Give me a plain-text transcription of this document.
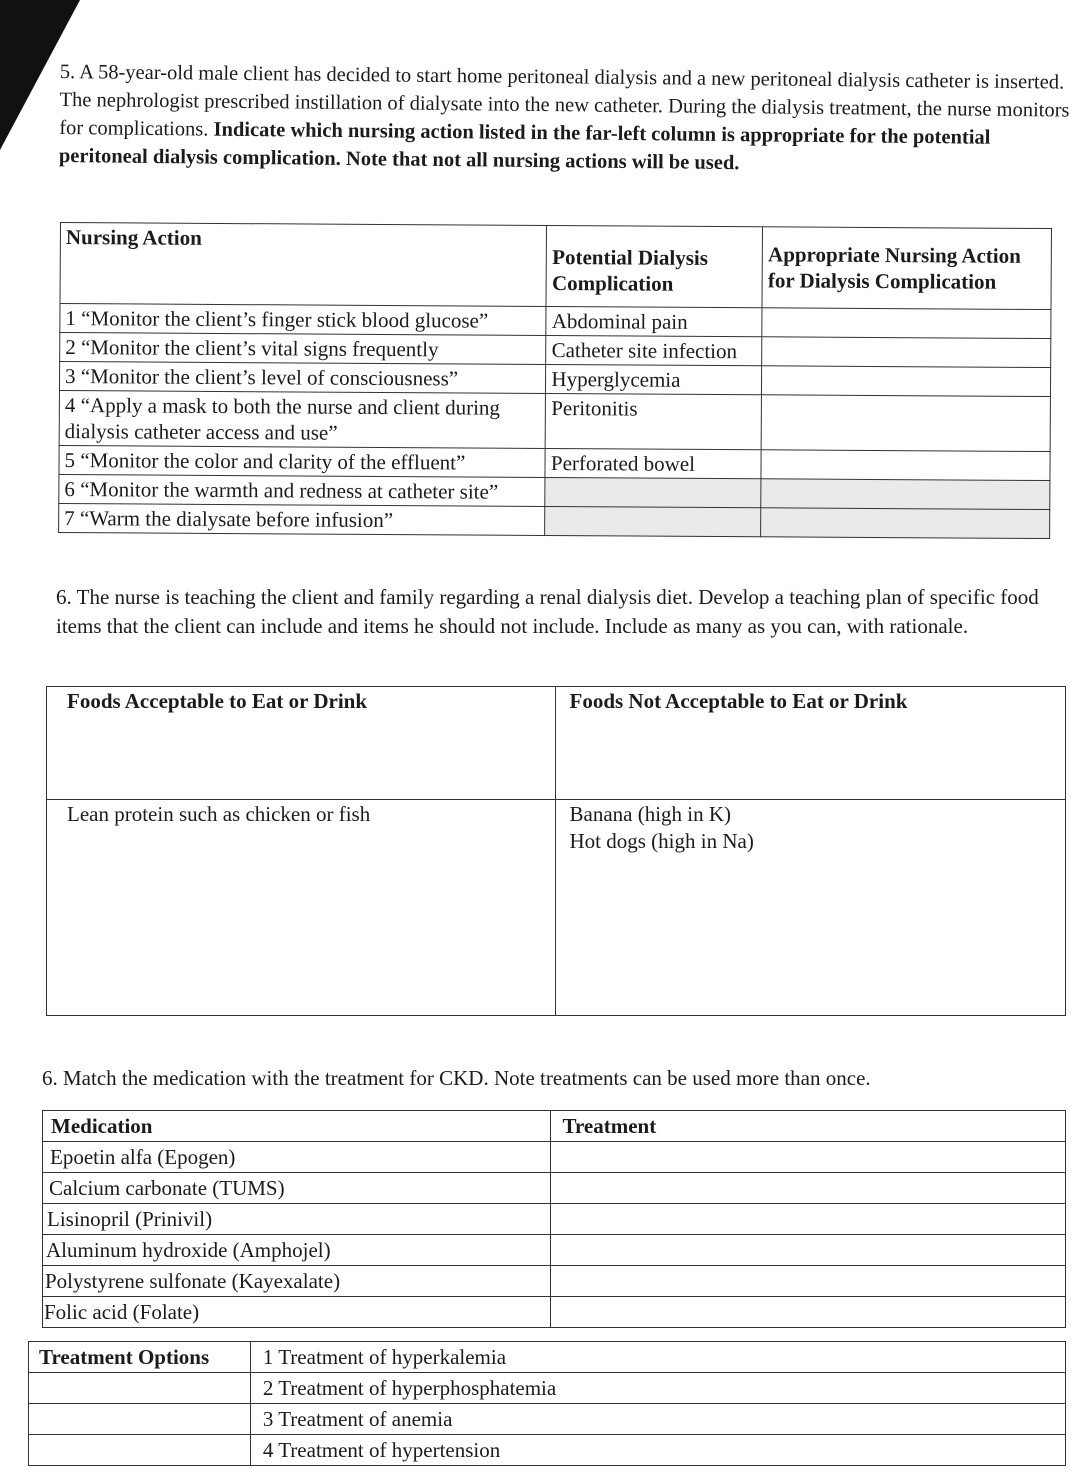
5. A 58-year-old male client has decided to start home peritoneal dialysis and a new peritoneal dialysis catheter is inserted. The nephrologist prescribed instillation of dialysate into the new catheter. During the dialysis treatment, the nurse monitors for complications. Indicate which nursing action listed in the far-left column is appropriate for the potential peritoneal dialysis complication. Note that not all nursing actions will be used.
Nursing Action	Potential Dialysis Complication	Appropriate Nursing Action for Dialysis Complication
1 “Monitor the client’s finger stick blood glucose”	Abdominal pain	
2 “Monitor the client’s vital signs frequently	Catheter site infection	
3 “Monitor the client’s level of consciousness”	Hyperglycemia	
4 “Apply a mask to both the nurse and client during dialysis catheter access and use”	Peritonitis	
5 “Monitor the color and clarity of the effluent”	Perforated bowel	
6 “Monitor the warmth and redness at catheter site”		
7 “Warm the dialysate before infusion”		
6. The nurse is teaching the client and family regarding a renal dialysis diet. Develop a teaching plan of specific food items that the client can include and items he should not include. Include as many as you can, with rationale.
Foods Acceptable to Eat or Drink	Foods Not Acceptable to Eat or Drink

Lean protein such as chicken or fish	Banana (high in K)
Hot dogs (high in Na)
6. Match the medication with the treatment for CKD. Note treatments can be used more than once.
Medication	Treatment
Epoetin alfa (Epogen)	
Calcium carbonate (TUMS)	
Lisinopril (Prinivil)	
Aluminum hydroxide (Amphojel)	
Polystyrene sulfonate (Kayexalate)	
Folic acid (Folate)	
Treatment Options	1 Treatment of hyperkalemia
	2 Treatment of hyperphosphatemia
	3 Treatment of anemia
	4 Treatment of hypertension
